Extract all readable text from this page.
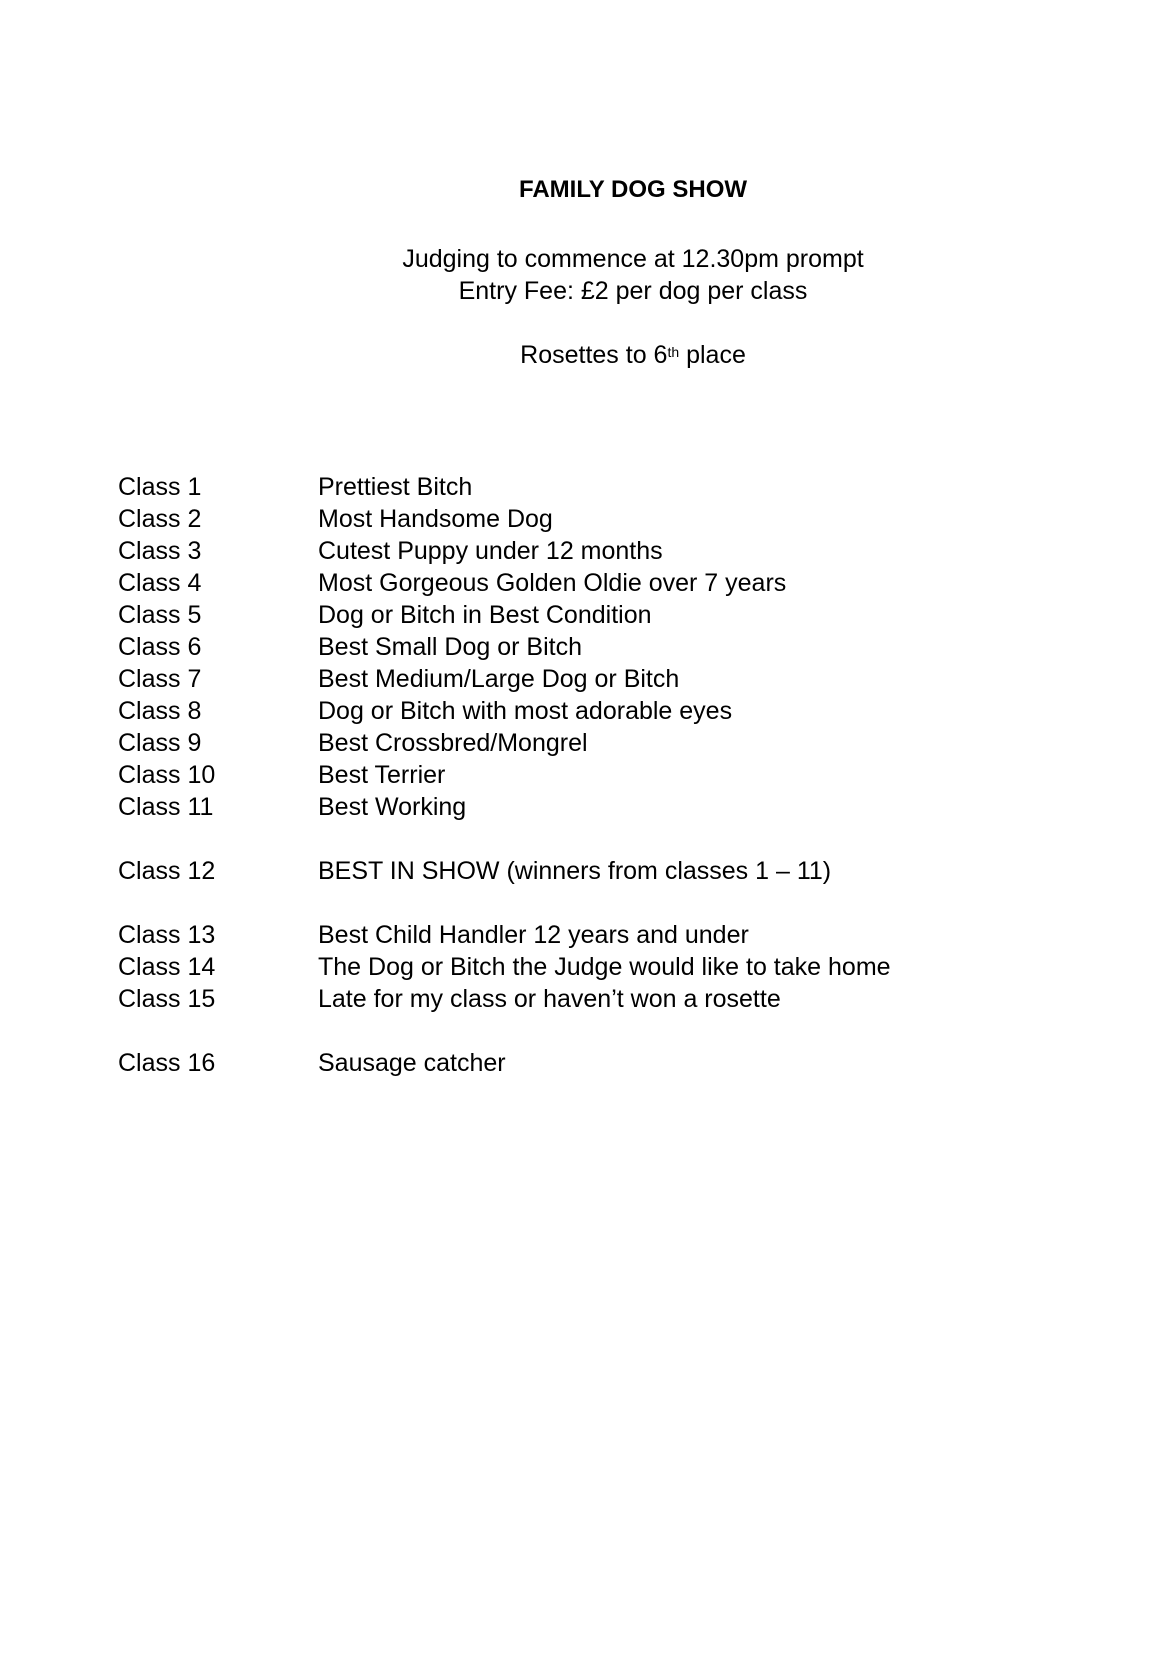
FAMILY DOG SHOW
Judging to commence at 12.30pm prompt
Entry Fee: £2 per dog per class
Rosettes to 6th place
Class 1	Prettiest Bitch
Class 2	Most Handsome Dog
Class 3	Cutest Puppy under 12 months
Class 4	Most Gorgeous Golden Oldie over 7 years
Class 5	Dog or Bitch in Best Condition
Class 6	Best Small Dog or Bitch
Class 7	Best Medium/Large Dog or Bitch
Class 8	Dog or Bitch with most adorable eyes
Class 9	Best Crossbred/Mongrel
Class 10	Best Terrier
Class 11	Best Working
Class 12	BEST IN SHOW (winners from classes 1 – 11)
Class 13	Best Child Handler 12 years and under
Class 14	The Dog or Bitch the Judge would like to take home
Class 15	Late for my class or haven’t won a rosette
Class 16	Sausage catcher
